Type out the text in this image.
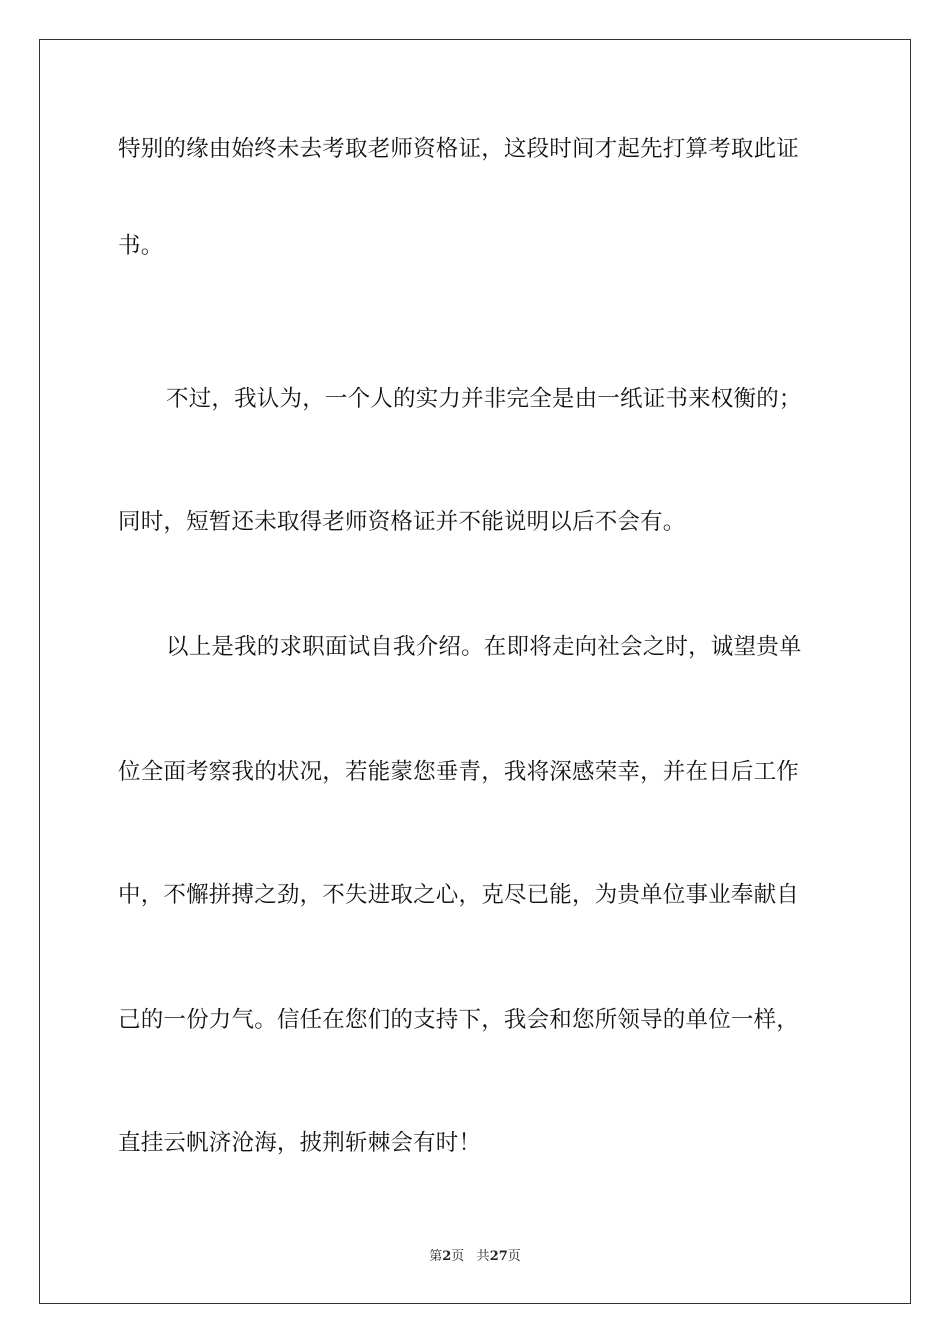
特别的缘由始终未去考取老师资格证，这段时间才起先打算考取此证
书。
不过，我认为，一个人的实力并非完全是由一纸证书来权衡的；
同时，短暂还未取得老师资格证并不能说明以后不会有。
以上是我的求职面试自我介绍。在即将走向社会之时，诚望贵单
位全面考察我的状况，若能蒙您垂青，我将深感荣幸，并在日后工作
中，不懈拼搏之劲，不失进取之心，克尽已能，为贵单位事业奉献自
己的一份力气。信任在您们的支持下，我会和您所领导的单位一样，
直挂云帆济沧海，披荆斩棘会有时！
第2页 共27页
